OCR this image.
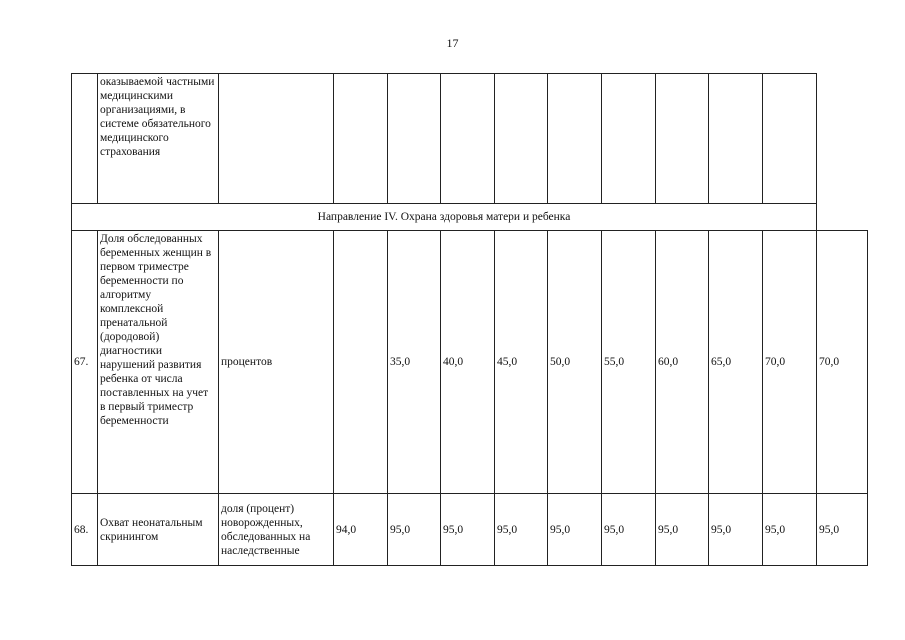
17
	оказываемой частными медицинскими организациями, в системе обязательного медицинского страхования											
Направление IV. Охрана здоровья матери и ребенка												
67.	Доля обследованных беременных женщин в первом триместре беременности по алгоритму комплексной пренатальной (дородовой) диагностики нарушений развития ребенка от числа поставленных на учет в первый триместр беременности	процентов		35,0	40,0	45,0	50,0	55,0	60,0	65,0	70,0	70,0
68.	Охват неонатальным скринингом	доля (процент) новорожденных, обследованных на наследственные	94,0	95,0	95,0	95,0	95,0	95,0	95,0	95,0	95,0	95,0
